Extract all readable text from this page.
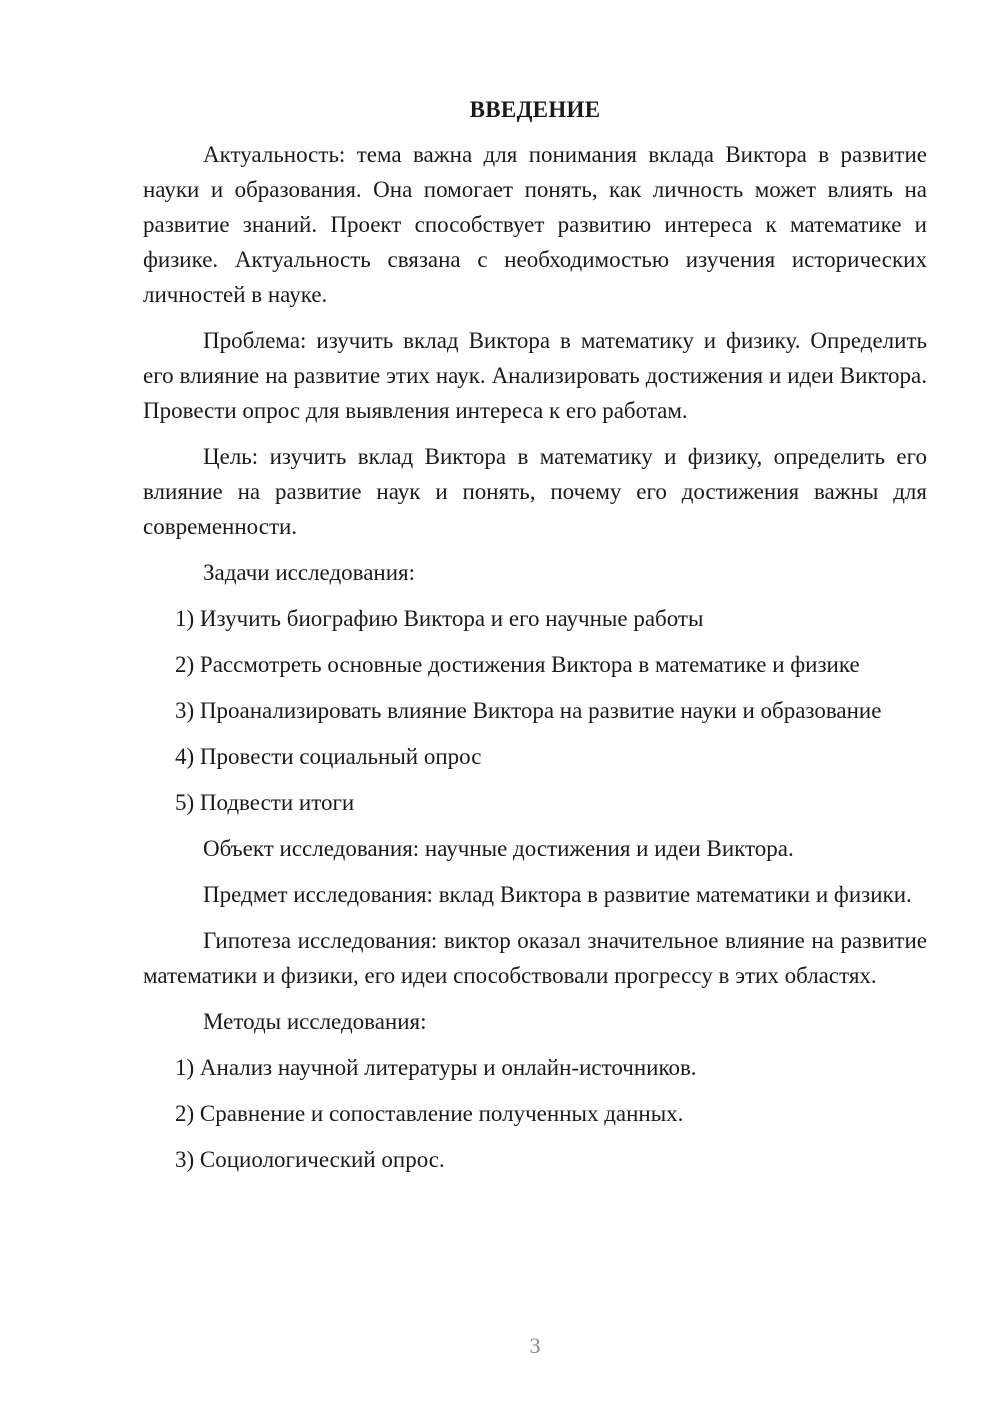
ВВЕДЕНИЕ

Актуальность: тема важна для понимания вклада Виктора в развитие науки и образования. Она помогает понять, как личность может влиять на развитие знаний. Проект способствует развитию интереса к математике и физике. Актуальность связана с необходимостью изучения исторических личностей в науке.

Проблема: изучить вклад Виктора в математику и физику. Определить его влияние на развитие этих наук. Анализировать достижения и идеи Виктора. Провести опрос для выявления интереса к его работам.

Цель: изучить вклад Виктора в математику и физику, определить его влияние на развитие наук и понять, почему его достижения важны для современности.

Задачи исследования:

1) Изучить биографию Виктора и его научные работы

2) Рассмотреть основные достижения Виктора в математике и физике

3) Проанализировать влияние Виктора на развитие науки и образование

4) Провести социальный опрос

5) Подвести итоги

Объект исследования: научные достижения и идеи Виктора.

Предмет исследования: вклад Виктора в развитие математики и физики.

Гипотеза исследования: виктор оказал значительное влияние на развитие математики и физики, его идеи способствовали прогрессу в этих областях.

Методы исследования:

1) Анализ научной литературы и онлайн-источников.

2) Сравнение и сопоставление полученных данных.

3) Социологический опрос.

3
